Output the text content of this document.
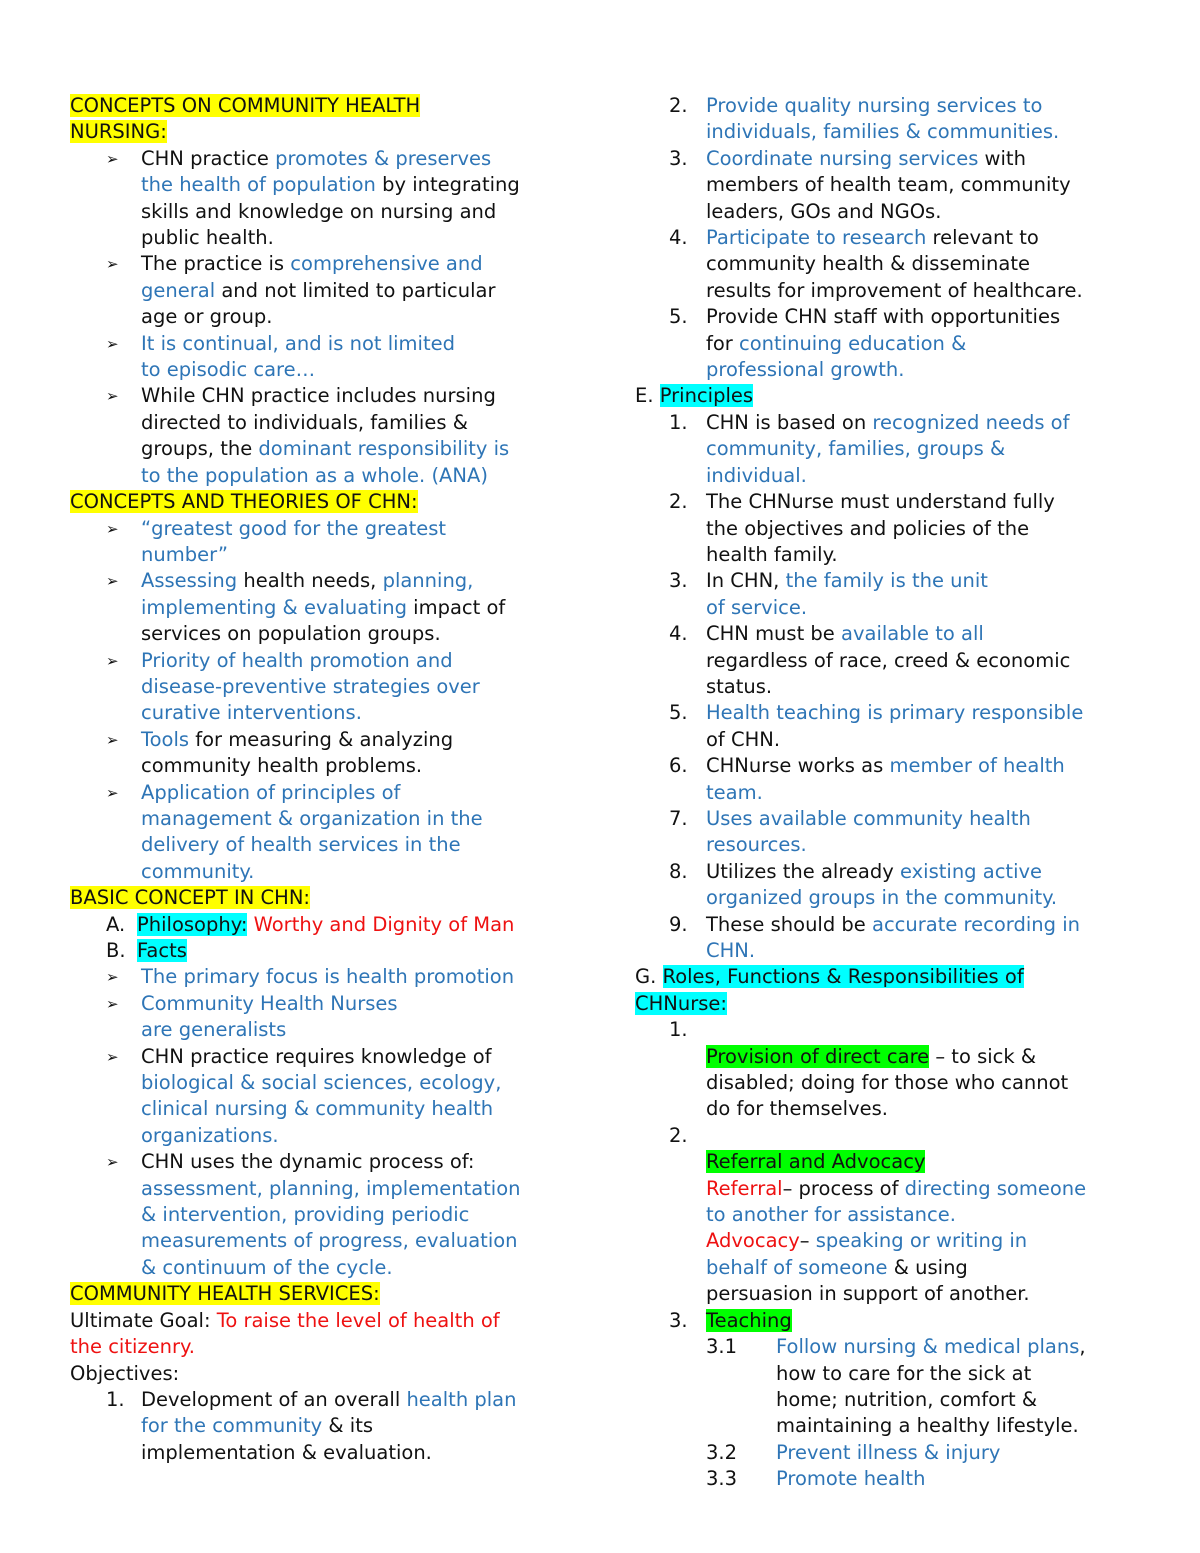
CONCEPTS ON COMMUNITY HEALTH
NURSING:
➢ CHN practice promotes & preserves
the health of population by integrating
skills and knowledge on nursing and
public health.
➢ The practice is comprehensive and
general and not limited to particular
age or group.
➢ It is continual, and is not limited
to episodic care…
➢ While CHN practice includes nursing
directed to individuals, families &
groups, the dominant responsibility is
to the population as a whole. (ANA)
CONCEPTS AND THEORIES OF CHN:
➢ “greatest good for the greatest
number”
➢ Assessing health needs, planning,
implementing & evaluating impact of
services on population groups.
➢ Priority of health promotion and
disease-preventive strategies over
curative interventions.
➢ Tools for measuring & analyzing
community health problems.
➢ Application of principles of
management & organization in the
delivery of health services in the
community.
BASIC CONCEPT IN CHN:
A. Philosophy: Worthy and Dignity of Man
B. Facts
➢ The primary focus is health promotion
➢ Community Health Nurses
are generalists
➢ CHN practice requires knowledge of
biological & social sciences, ecology,
clinical nursing & community health
organizations.
➢ CHN uses the dynamic process of:
assessment, planning, implementation
& intervention, providing periodic
measurements of progress, evaluation
& continuum of the cycle.
COMMUNITY HEALTH SERVICES:
Ultimate Goal: To raise the level of health of
the citizenry.
Objectives:
1. Development of an overall health plan
for the community & its
implementation & evaluation.
2. Provide quality nursing services to
individuals, families & communities.
3. Coordinate nursing services with
members of health team, community
leaders, GOs and NGOs.
4. Participate to research relevant to
community health & disseminate
results for improvement of healthcare.
5. Provide CHN staff with opportunities
for continuing education &
professional growth.
E. Principles
1. CHN is based on recognized needs of
community, families, groups &
individual.
2. The CHNurse must understand fully
the objectives and policies of the
health family.
3. In CHN, the family is the unit
of service.
4. CHN must be available to all
regardless of race, creed & economic
status.
5. Health teaching is primary responsible
of CHN.
6. CHNurse works as member of health
team.
7. Uses available community health
resources.
8. Utilizes the already existing active
organized groups in the community.
9. These should be accurate recording in
CHN.
G. Roles, Functions & Responsibilities of
CHNurse:

1.
Provision of direct care – to sick &
disabled; doing for those who cannot
do for themselves.

2.
Referral and Advocacy
Referral– process of directing someone
to another for assistance.
Advocacy– speaking or writing in
behalf of someone & using
persuasion in support of another.

3. Teaching
3.1 Follow nursing & medical plans,
how to care for the sick at
home; nutrition, comfort &
maintaining a healthy lifestyle.
3.2 Prevent illness & injury
3.3 Promote health
